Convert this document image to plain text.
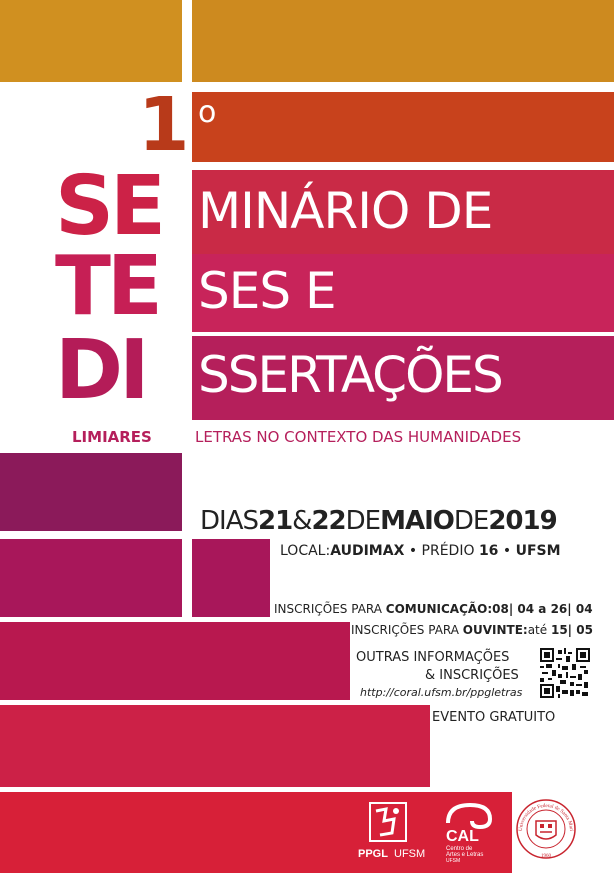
1
SE
TE
DI
LIMIARES
o
MINÁRIO DE
SES E
SSERTAÇÕES
LETRAS NO CONTEXTO DAS HUMANIDADES
DIAS21&22DEMAIODE2019
LOCAL:AUDIMAX • PRÉDIO 16 • UFSM
INSCRIÇÕES PARA COMUNICAÇÃO:08| 04 a 26| 04
INSCRIÇÕES PARA OUVINTE:até 15| 05
OUTRAS INFORMAÇÕES
& INSCRIÇÕES
http://coral.ufsm.br/ppgletras
EVENTO GRATUITO
PPGL UFSM
CAL
Centro de
Artes e Letras
UFSM
1960
Universidade Federal de Santa Mari
